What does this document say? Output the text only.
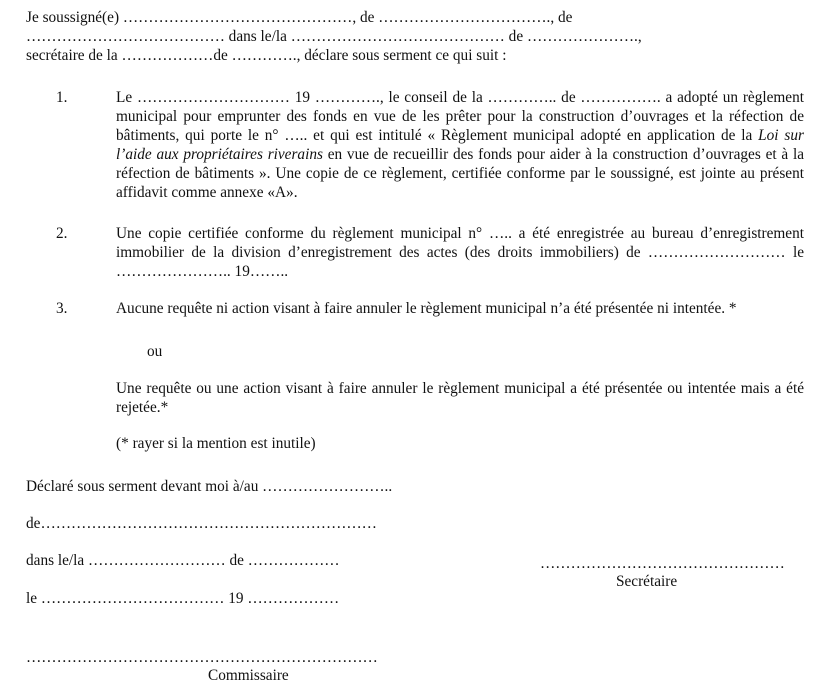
Je soussigné(e) ………………………………………, de ……………………………., de
………………………………… dans le/la …………………………………… de ………………….,
secrétaire de la ………………de …………., déclare sous serment ce qui suit :
1.	Le ………………………… 19 …………., le conseil de la ………….. de ……………. a adopté un règlement municipal pour emprunter des fonds en vue de les prêter pour la construction d’ouvrages et la réfection de bâtiments, qui porte le n° ….. et qui est intitulé « Règlement municipal adopté en application de la Loi sur l’aide aux propriétaires riverains en vue de recueillir des fonds pour aider à la construction d’ouvrages et à la réfection de bâtiments ». Une copie de ce règlement, certifiée conforme par le soussigné, est jointe au présent affidavit comme annexe «A».
2.	Une copie certifiée conforme du règlement municipal n° ….. a été enregistrée au bureau d’enregistrement immobilier de la division d’enregistrement des actes (des droits immobiliers) de ……………………… le ………………….. 19……..
3.	Aucune requête ni action visant à faire annuler le règlement municipal n’a été présentée ni intentée. *
ou
Une requête ou une action visant à faire annuler le règlement municipal a été présentée ou intentée mais a été rejetée.*
(* rayer si la mention est inutile)
Déclaré sous serment devant moi à/au ……………………..
de…………………………………………………………
dans le/la ……………………… de ………………
le ……………………………… 19 ………………
…………………………………………
Secrétaire
……………………………………………………………
Commissaire
